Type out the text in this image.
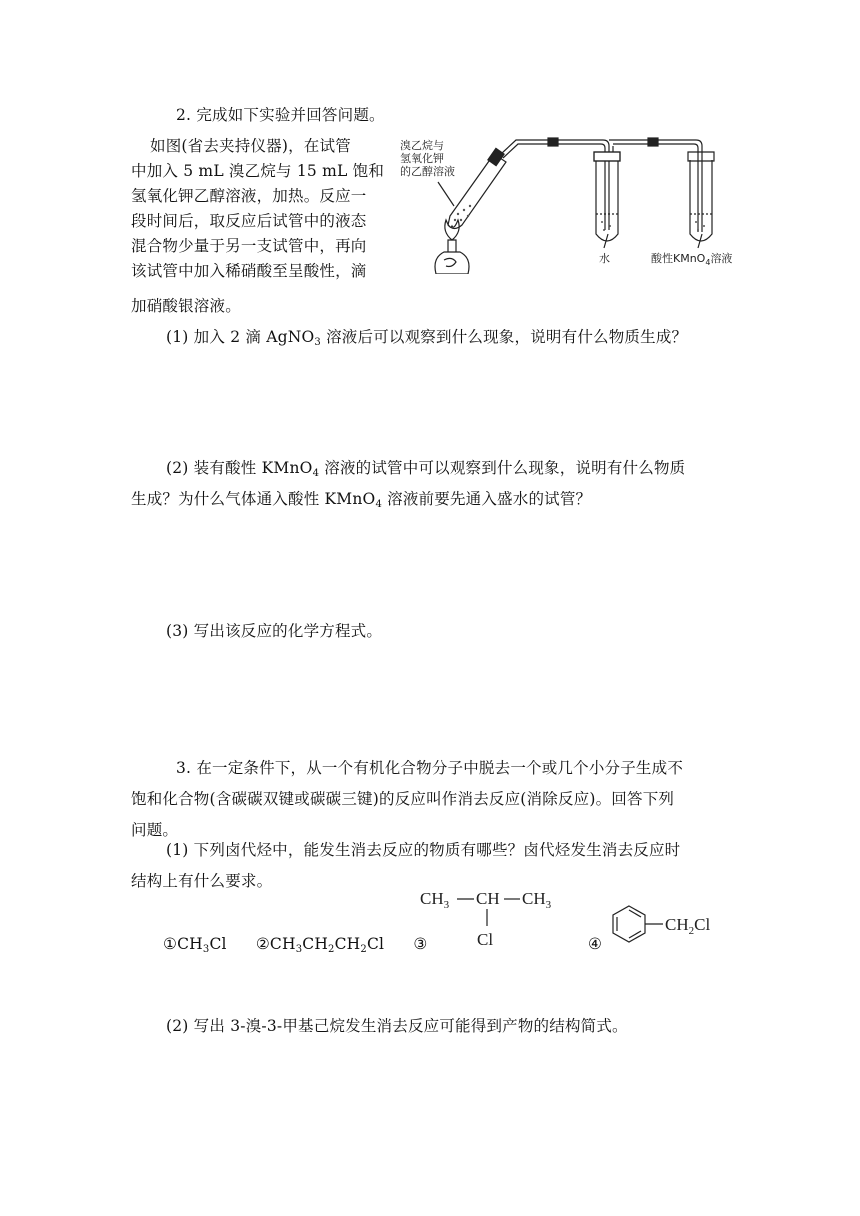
2. 完成如下实验并回答问题。
如图(省去夹持仪器)，在试管
中加入 5 mL 溴乙烷与 15 mL 饱和
氢氧化钾乙醇溶液，加热。反应一
段时间后，取反应后试管中的液态
混合物少量于另一支试管中，再向
该试管中加入稀硝酸至呈酸性，滴
加硝酸银溶液。
溴乙烷与
氢氧化钾
的乙醇溶液
水	酸性KMnO$_4$溶液
(1) 加入 2 滴 AgNO$_3$ 溶液后可以观察到什么现象，说明有什么物质生成？
(2) 装有酸性 KMnO$_4$ 溶液的试管中可以观察到什么现象，说明有什么物质
生成？为什么气体通入酸性 KMnO$_4$ 溶液前要先通入盛水的试管？
(3) 写出该反应的化学方程式。
3. 在一定条件下，从一个有机化合物分子中脱去一个或几个小分子生成不
饱和化合物(含碳碳双键或碳碳三键)的反应叫作消去反应(消除反应)。回答下列
问题。
(1) 下列卤代烃中，能发生消去反应的物质有哪些？卤代烃发生消去反应时
结构上有什么要求。
$①CH_3Cl$ $②CH_3CH_2CH_2Cl$ ③
$CH_3$ CH $CH_3$
Cl	④
$CH_2Cl$
(2) 写出 3-溴-3-甲基己烷发生消去反应可能得到产物的结构简式。
